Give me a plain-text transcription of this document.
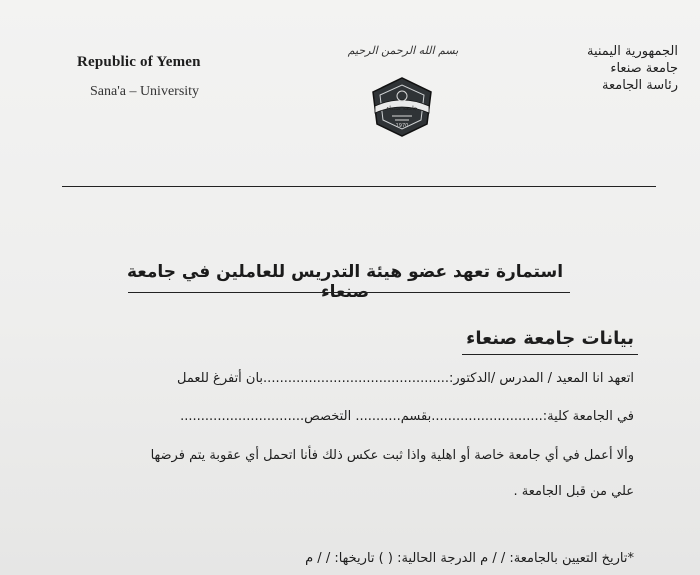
Republic of Yemen
Sana'a – University
بسم الله الرحمن الرحيم
جامعة صنعاء
1970
الجمهورية اليمنية
جامعة صنعاء
رئاسة الجامعة
استمارة تعهد عضو هيئة التدريس للعاملين في جامعة صنعاء
بيانات جامعة صنعاء
اتعهد انا المعيد / المدرس /الدكتور:.............................................بان أتفرغ للعمل
في الجامعة كلية:...........................بقسم........... التخصص..............................
وألا أعمل في أي جامعة خاصة أو اهلية واذا ثبت عكس ذلك فأنا اتحمل أي عقوبة يتم فرضها
علي من قبل الجامعة .
*تاريخ التعيين بالجامعة: / / م الدرجة الحالية: ( ) تاريخها: / / م
